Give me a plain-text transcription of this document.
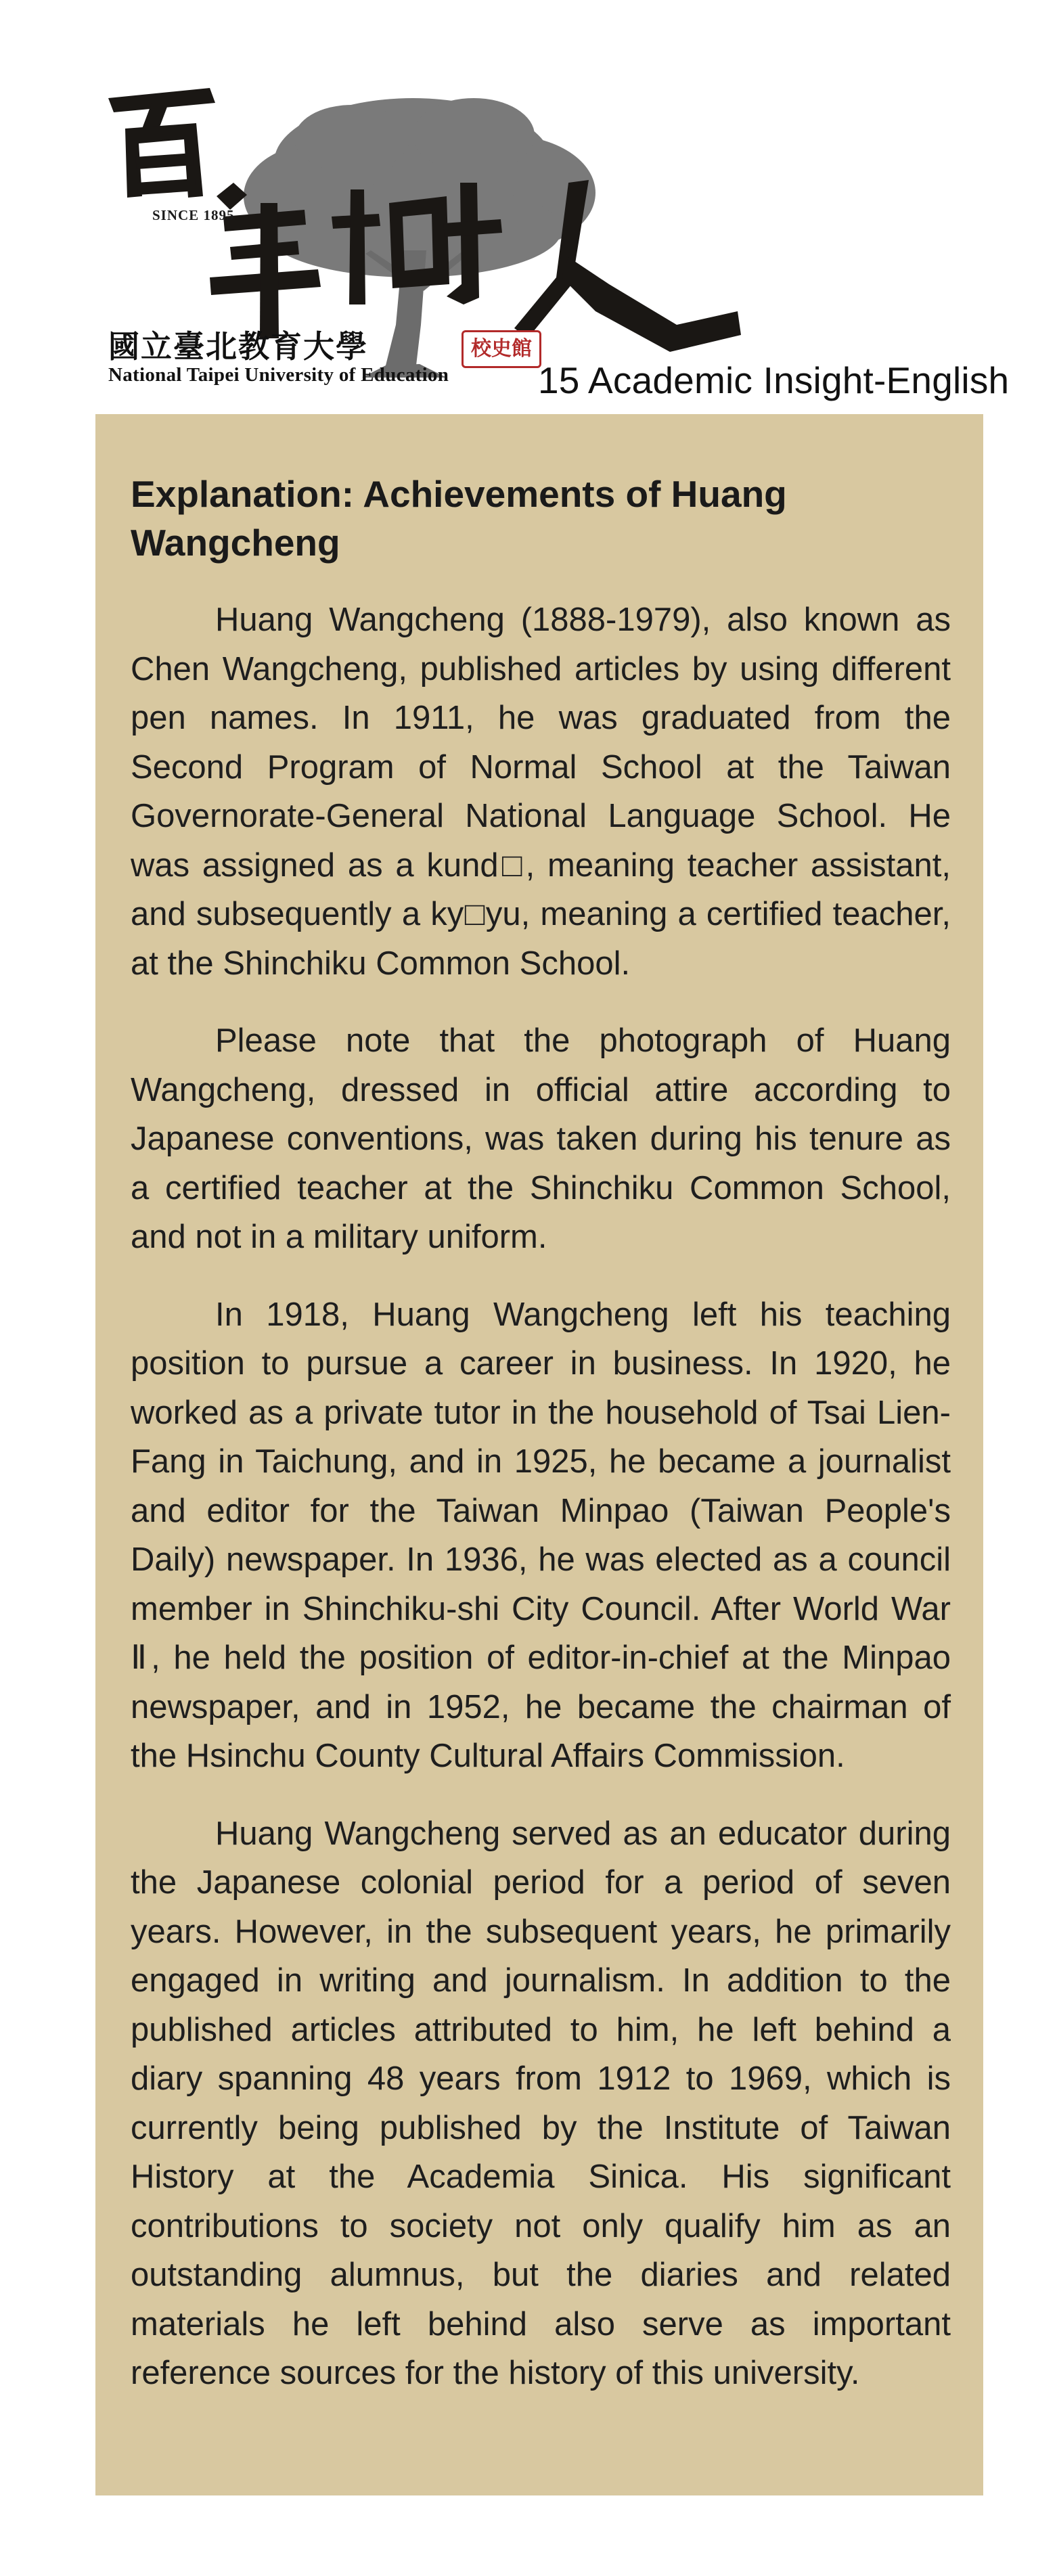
SINCE 1895
國立臺北教育大學
National Taipei University of Education
校史館
15 Academic Insight-English
Explanation: Achievements of Huang Wangcheng

Huang Wangcheng (1888-1979), also known as Chen Wangcheng, published articles by using different pen names. In 1911, he was graduated from the Second Program of Normal School at the Taiwan Governorate-General National Language School. He was assigned as a kund□, meaning teacher assistant, and subsequently a ky□yu, meaning a certified teacher, at the Shinchiku Common School.

Please note that the photograph of Huang Wangcheng, dressed in official attire according to Japanese conventions, was taken during his tenure as a certified teacher at the Shinchiku Common School, and not in a military uniform.

In 1918, Huang Wangcheng left his teaching position to pursue a career in business. In 1920, he worked as a private tutor in the household of Tsai Lien-Fang in Taichung, and in 1925, he became a journalist and editor for the Taiwan Minpao (Taiwan People's Daily) newspaper. In 1936, he was elected as a council member in Shinchiku-shi City Council. After World War Ⅱ, he held the position of editor-in-chief at the Minpao newspaper, and in 1952, he became the chairman of the Hsinchu County Cultural Affairs Commission.

Huang Wangcheng served as an educator during the Japanese colonial period for a period of seven years. However, in the subsequent years, he primarily engaged in writing and journalism. In addition to the published articles attributed to him, he left behind a diary spanning 48 years from 1912 to 1969, which is currently being published by the Institute of Taiwan History at the Academia Sinica. His significant contributions to society not only qualify him as an outstanding alumnus, but the diaries and related materials he left behind also serve as important reference sources for the history of this university.
